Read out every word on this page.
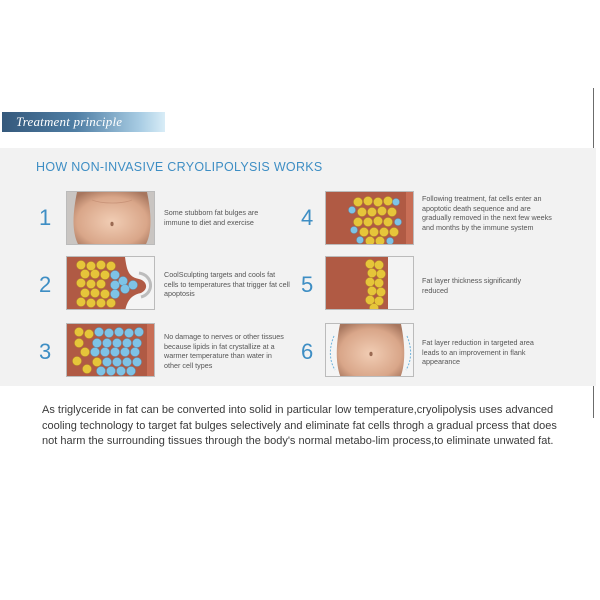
Treatment principle
HOW NON-INVASIVE CRYOLIPOLYSIS WORKS
1	Some stubborn fat bulges are immune to diet and exercise
2	CoolSculpting targets and cools fat cells to temperatures that trigger fat cell apoptosis
3
No damage to nerves or other tissues because lipids in fat crystallize at a warmer temperature than water in other cell types
4
Following treatment, fat cells enter an apoptotic death sequence and are gradually removed in the next few weeks and months by the immune system
5	Fat layer thickness significantly reduced
6	Fat layer reduction in targeted area leads to an improvement in flank appearance

As triglyceride in fat can be converted into solid in particular low temperature,cryolipolysis uses advanced cooling technology to target fat bulges selectively and eliminate fat cells throgh a gradual prcess that does not harm the surrounding tissues through the body's normal metabo-lim process,to eliminate unwated fat.
